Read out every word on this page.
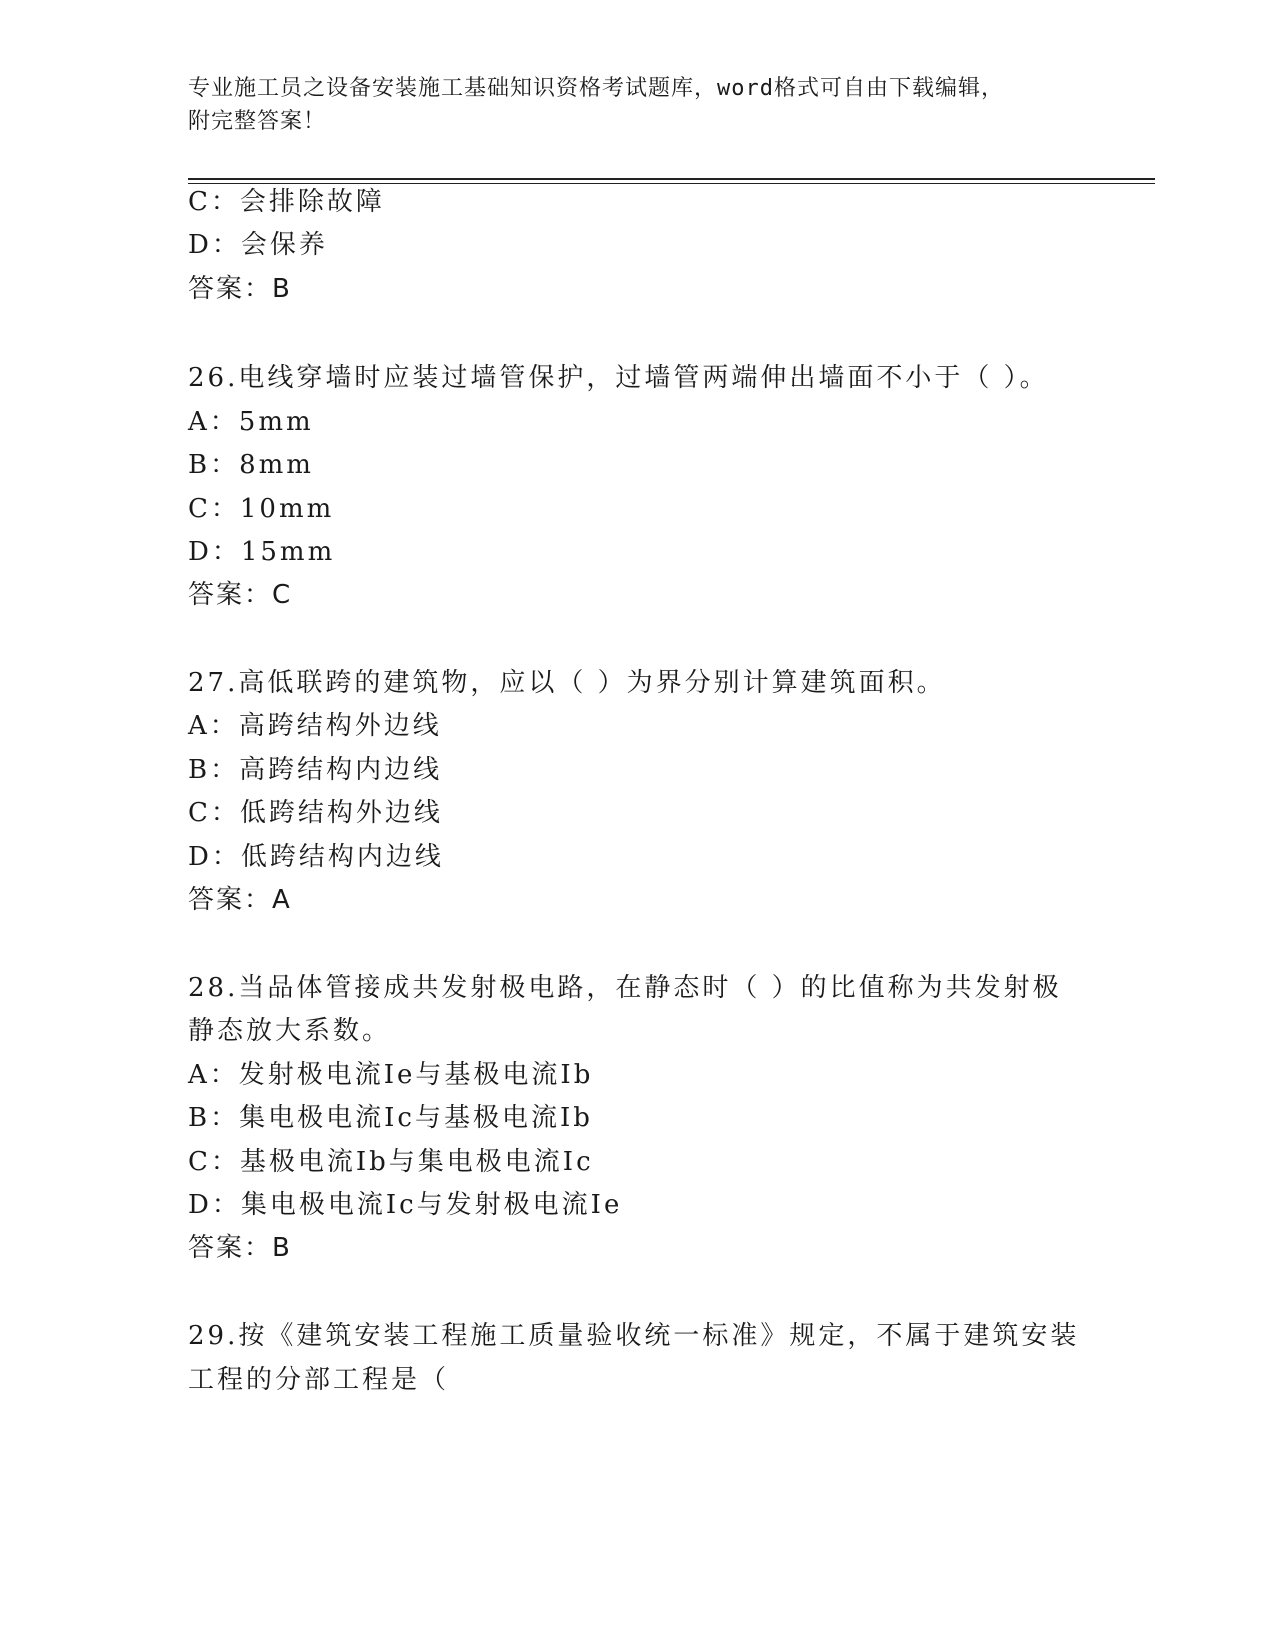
专业施工员之设备安装施工基础知识资格考试题库，word格式可自由下载编辑，
附完整答案！
C：会排除故障
D：会保养
答案：B
26.电线穿墙时应装过墙管保护，过墙管两端伸出墙面不小于（ ）。
A：5mm
B：8mm
C：10mm
D：15mm
答案：C
27.高低联跨的建筑物，应以（ ）为界分别计算建筑面积。
A：高跨结构外边线
B：高跨结构内边线
C：低跨结构外边线
D：低跨结构内边线
答案：A
28.当品体管接成共发射极电路，在静态时（ ）的比值称为共发射极
静态放大系数。
A：发射极电流Ie与基极电流Ib
B：集电极电流Ic与基极电流Ib
C：基极电流Ib与集电极电流Ic
D：集电极电流Ic与发射极电流Ie
答案：B
29.按《建筑安装工程施工质量验收统一标准》规定，不属于建筑安装
工程的分部工程是（
